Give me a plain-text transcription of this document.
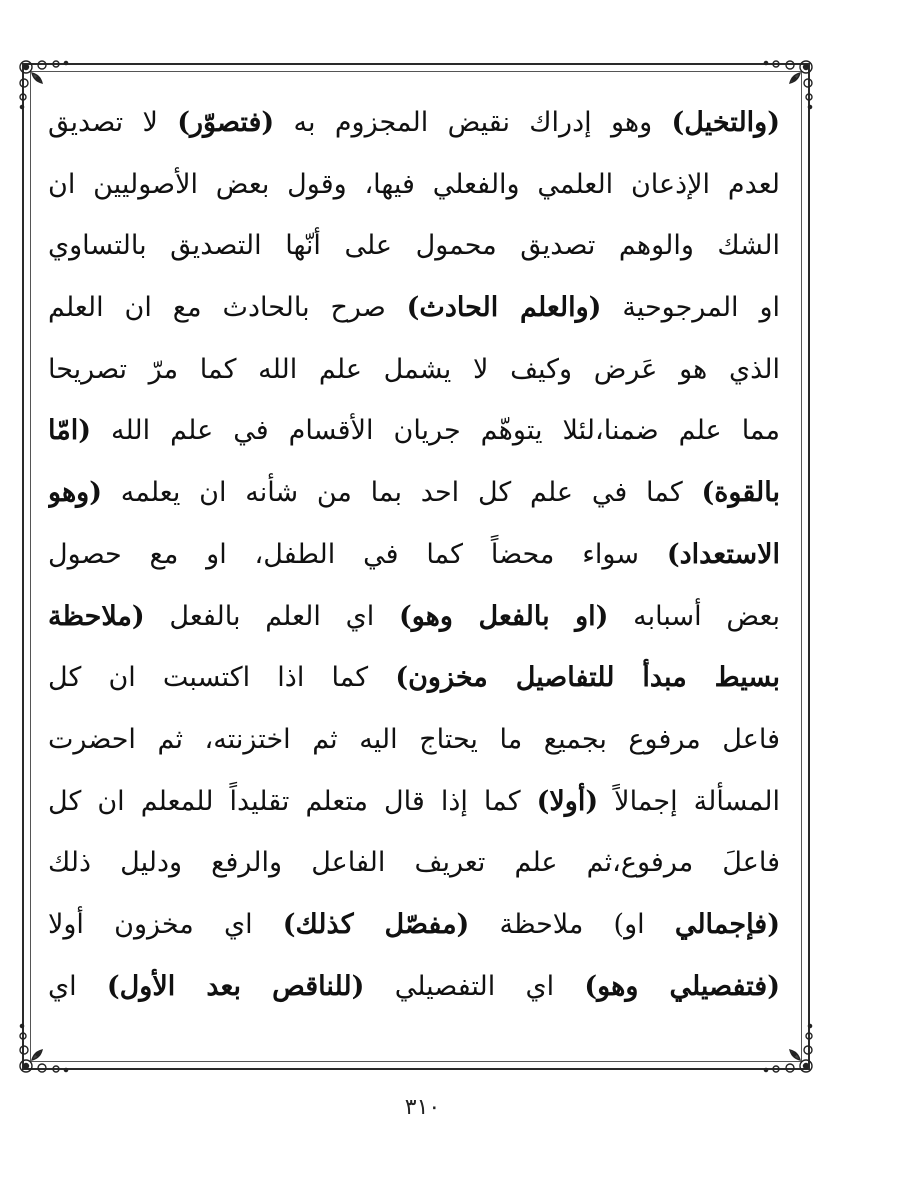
(والتخيل) وهو إدراك نقيض المجزوم به (فتصوّر) لا تصديق
لعدم الإذعان العلمي والفعلي فيها، وقول بعض الأصوليين ان
الشك والوهم تصديق محمول على أنّها التصديق بالتساوي
او المرجوحية (والعلم الحادث) صرح بالحادث مع ان العلم
الذي هو عَرض وكيف لا يشمل علم الله كما مرّ تصريحا
مما علم ضمنا،لئلا يتوهّم جريان الأقسام في علم الله (امّا
بالقوة) كما في علم كل احد بما من شأنه ان يعلمه (وهو
الاستعداد) سواء محضاً كما في الطفل، او مع حصول
بعض أسبابه (او بالفعل وهو) اي العلم بالفعل (ملاحظة
بسيط مبدأ للتفاصيل مخزون) كما اذا اكتسبت ان كل
فاعل مرفوع بجميع ما يحتاج اليه ثم اختزنته، ثم احضرت
المسألة إجمالاً (أولا) كما إذا قال متعلم تقليداً للمعلم ان كل
فاعلَ مرفوع،ثم علم تعريف الفاعل والرفع ودليل ذلك
(فإجمالي او) ملاحظة (مفصّل كذلك) اي مخزون أولا
(فتفصيلي وهو) اي التفصيلي (للناقص بعد الأول) اي
٣١٠
